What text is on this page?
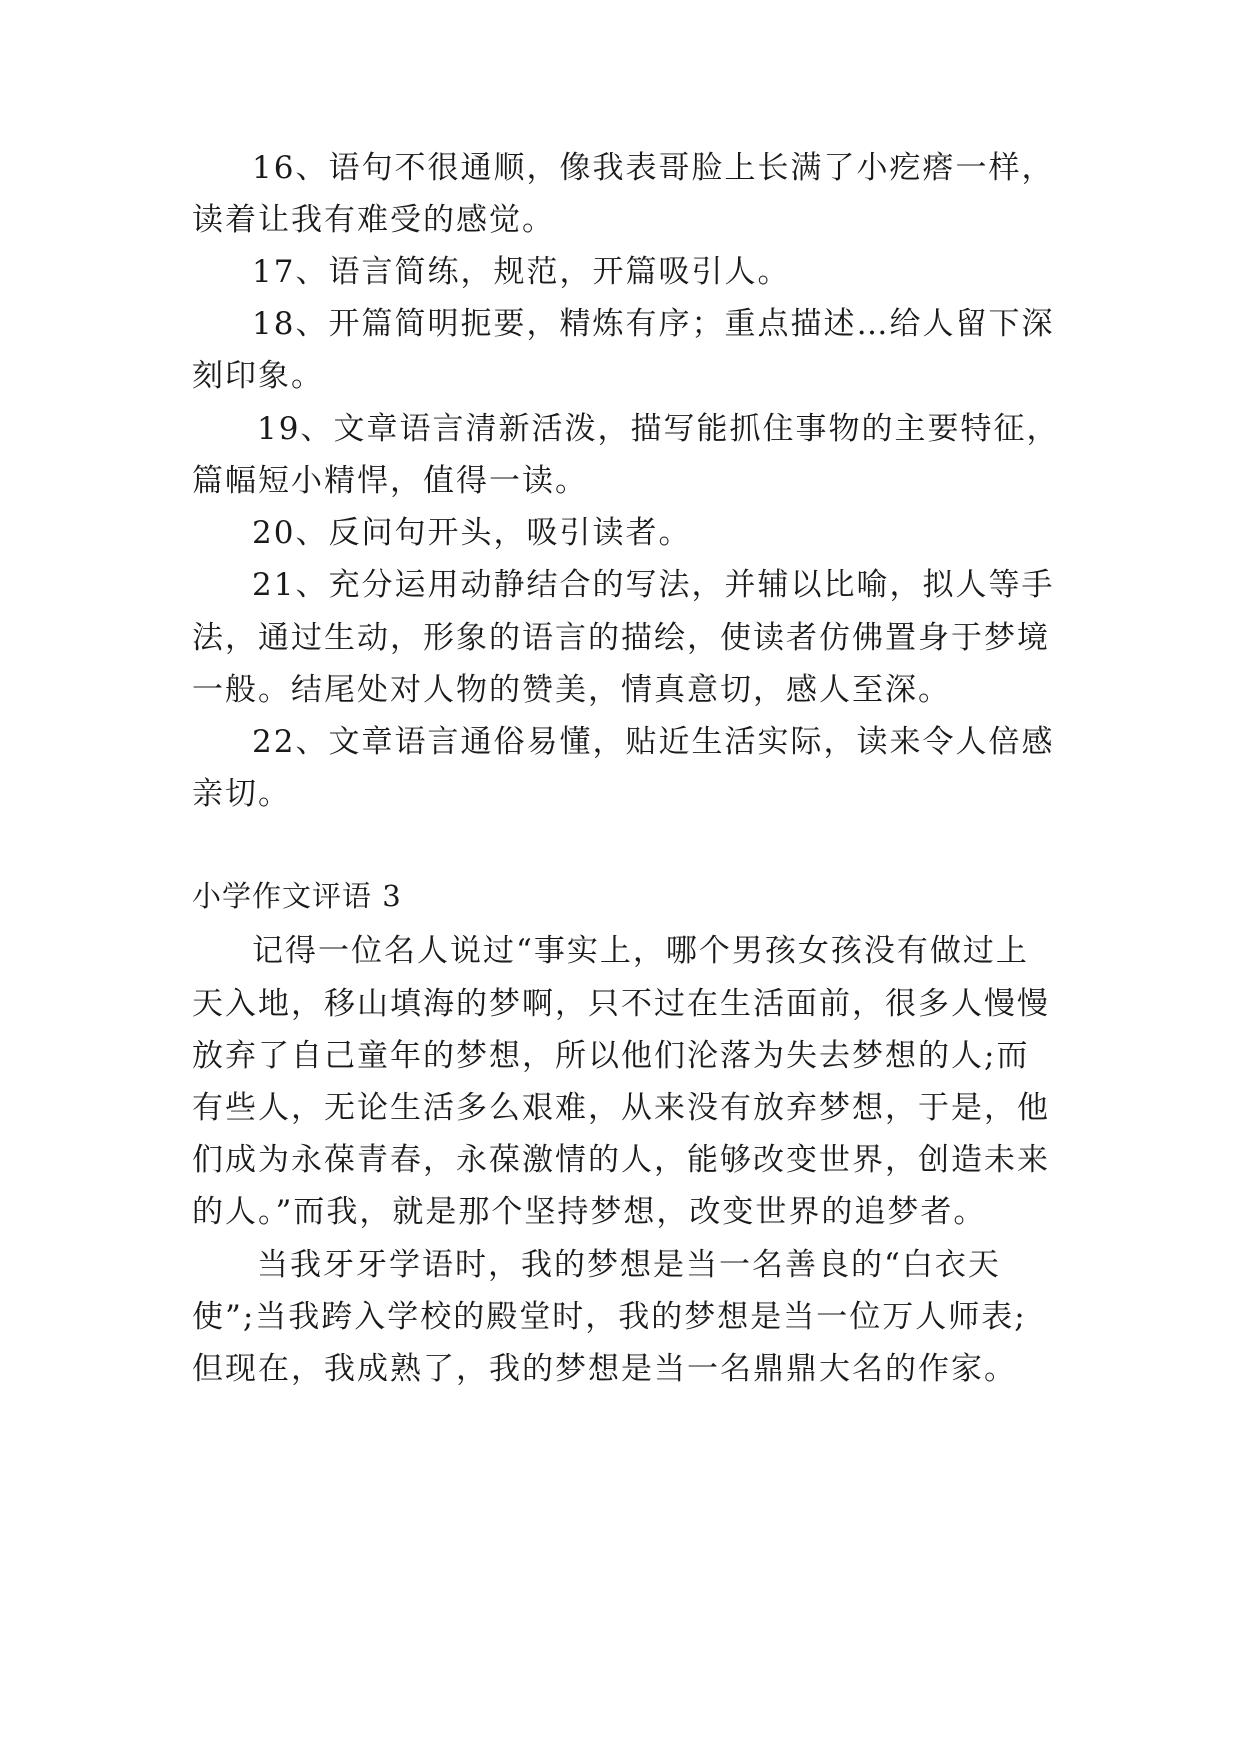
16、语句不很通顺，像我表哥脸上长满了小疙瘩一样，
读着让我有难受的感觉。
17、语言简练，规范，开篇吸引人。
18、开篇简明扼要，精炼有序；重点描述…给人留下深
刻印象。
19、文章语言清新活泼，描写能抓住事物的主要特征，
篇幅短小精悍，值得一读。
20、反问句开头，吸引读者。
21、充分运用动静结合的写法，并辅以比喻，拟人等手
法，通过生动，形象的语言的描绘，使读者仿佛置身于梦境
一般。结尾处对人物的赞美，情真意切，感人至深。
22、文章语言通俗易懂，贴近生活实际，读来令人倍感
亲切。
小学作文评语 3
记得一位名人说过“事实上，哪个男孩女孩没有做过上
天入地，移山填海的梦啊，只不过在生活面前，很多人慢慢
放弃了自己童年的梦想，所以他们沦落为失去梦想的人;而
有些人，无论生活多么艰难，从来没有放弃梦想，于是，他
们成为永葆青春，永葆激情的人，能够改变世界，创造未来
的人。”而我，就是那个坚持梦想，改变世界的追梦者。
当我牙牙学语时，我的梦想是当一名善良的“白衣天
使”;当我跨入学校的殿堂时，我的梦想是当一位万人师表;
但现在，我成熟了，我的梦想是当一名鼎鼎大名的作家。
